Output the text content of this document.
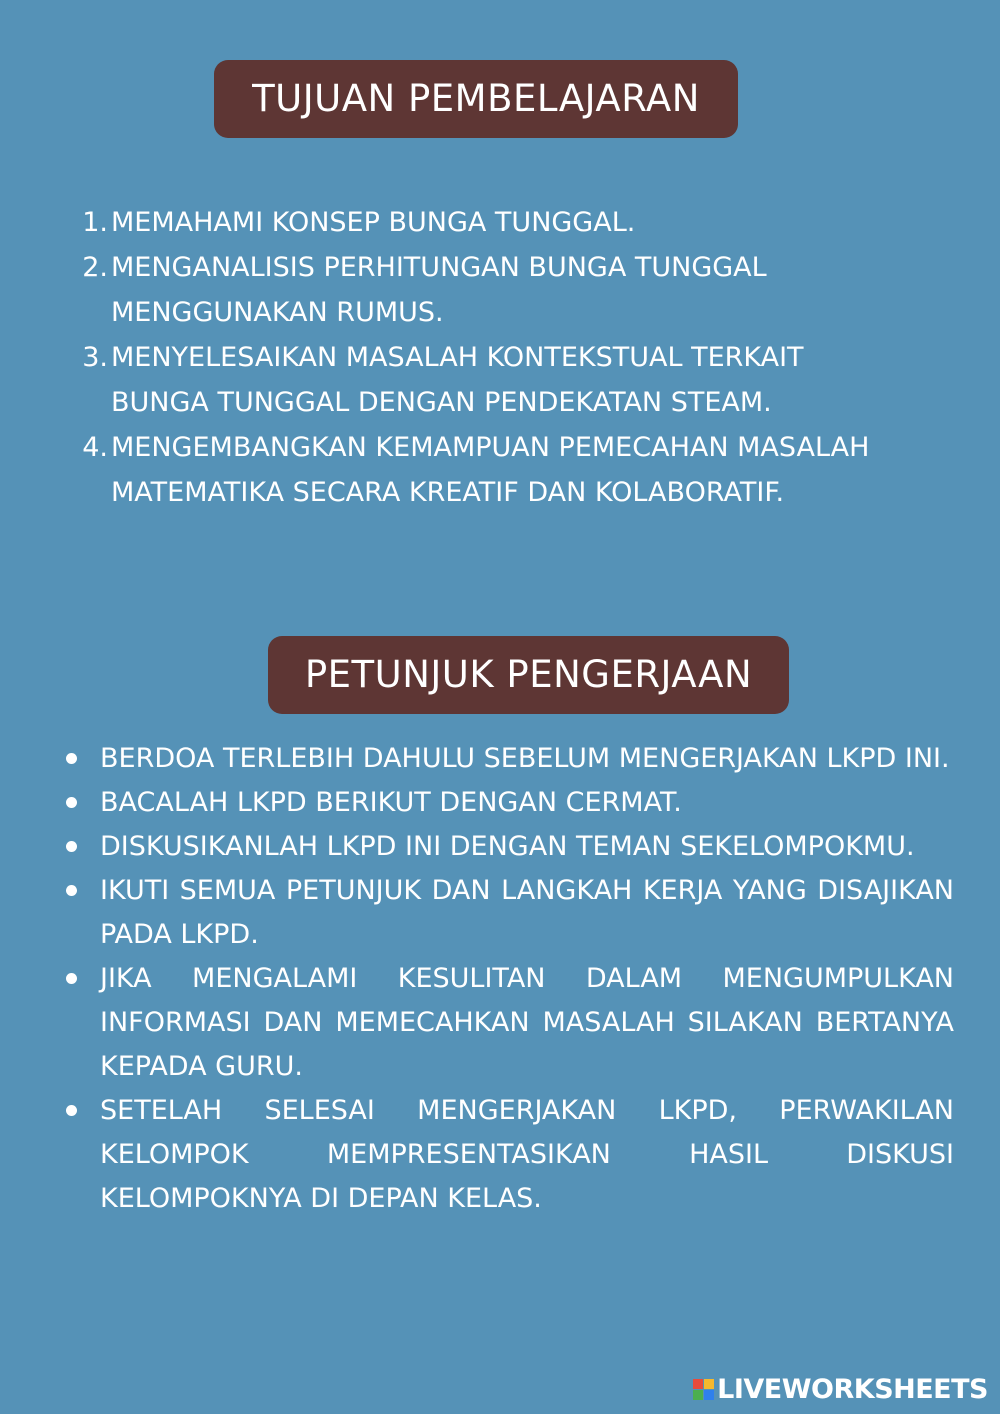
TUJUAN PEMBELAJARAN
1. MEMAHAMI KONSEP BUNGA TUNGGAL.
2. MENGANALISIS PERHITUNGAN BUNGA TUNGGAL MENGGUNAKAN RUMUS.
3. MENYELESAIKAN MASALAH KONTEKSTUAL TERKAIT BUNGA TUNGGAL DENGAN PENDEKATAN STEAM.
4. MENGEMBANGKAN KEMAMPUAN PEMECAHAN MASALAH MATEMATIKA SECARA KREATIF DAN KOLABORATIF.
PETUNJUK PENGERJAAN
BERDOA TERLEBIH DAHULU SEBELUM MENGERJAKAN LKPD INI.
BACALAH LKPD BERIKUT DENGAN CERMAT.
DISKUSIKANLAH LKPD INI DENGAN TEMAN SEKELOMPOKMU.
IKUTI SEMUA PETUNJUK DAN LANGKAH KERJA YANG DISAJIKAN PADA LKPD.
JIKA MENGALAMI KESULITAN DALAM MENGUMPULKAN INFORMASI DAN MEMECAHKAN MASALAH SILAKAN BERTANYA KEPADA GURU.
SETELAH SELESAI MENGERJAKAN LKPD, PERWAKILAN KELOMPOK MEMPRESENTASIKAN HASIL DISKUSI KELOMPOKNYA DI DEPAN KELAS.
LIVEWORKSHEETS
